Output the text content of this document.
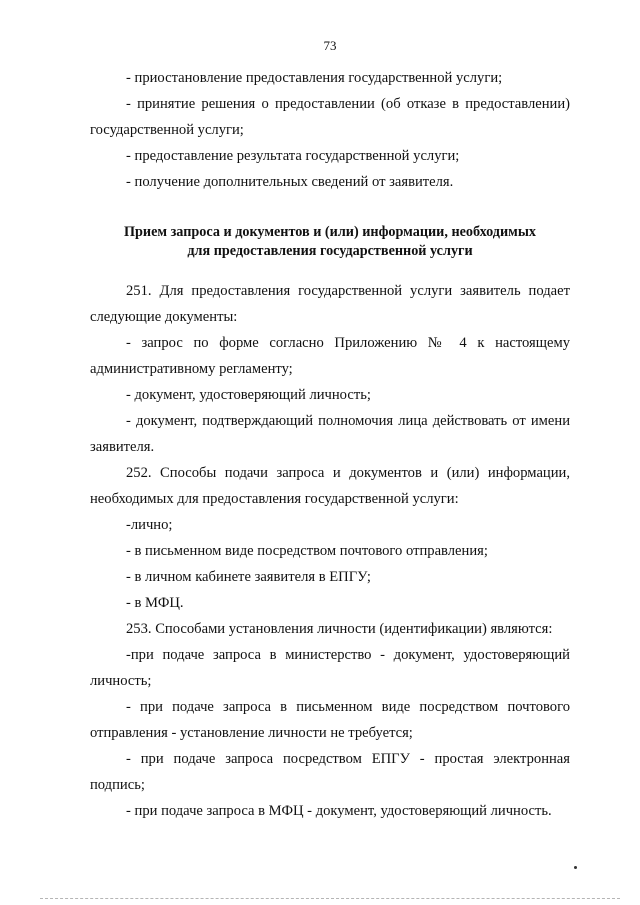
73

- приостановление предоставления государственной услуги;

- принятие решения о предоставлении (об отказе в предоставлении) государственной услуги;

- предоставление результата государственной услуги;

- получение дополнительных сведений от заявителя.

Прием запроса и документов и (или) информации, необходимых
для предоставления государственной услуги

251. Для предоставления государственной услуги заявитель подает следующие документы:

- запрос по форме согласно Приложению № 4 к настоящему административному регламенту;

- документ, удостоверяющий личность;

- документ, подтверждающий полномочия лица действовать от имени заявителя.

252. Способы подачи запроса и документов и (или) информации, необходимых для предоставления государственной услуги:

-лично;

- в письменном виде посредством почтового отправления;

- в личном кабинете заявителя в ЕПГУ;

- в МФЦ.

253. Способами установления личности (идентификации) являются:

-при подаче запроса в министерство - документ, удостоверяющий личность;

- при подаче запроса в письменном виде посредством почтового отправления - установление личности не требуется;

- при подаче запроса посредством ЕПГУ - простая электронная подпись;

- при подаче запроса в МФЦ - документ, удостоверяющий личность.
